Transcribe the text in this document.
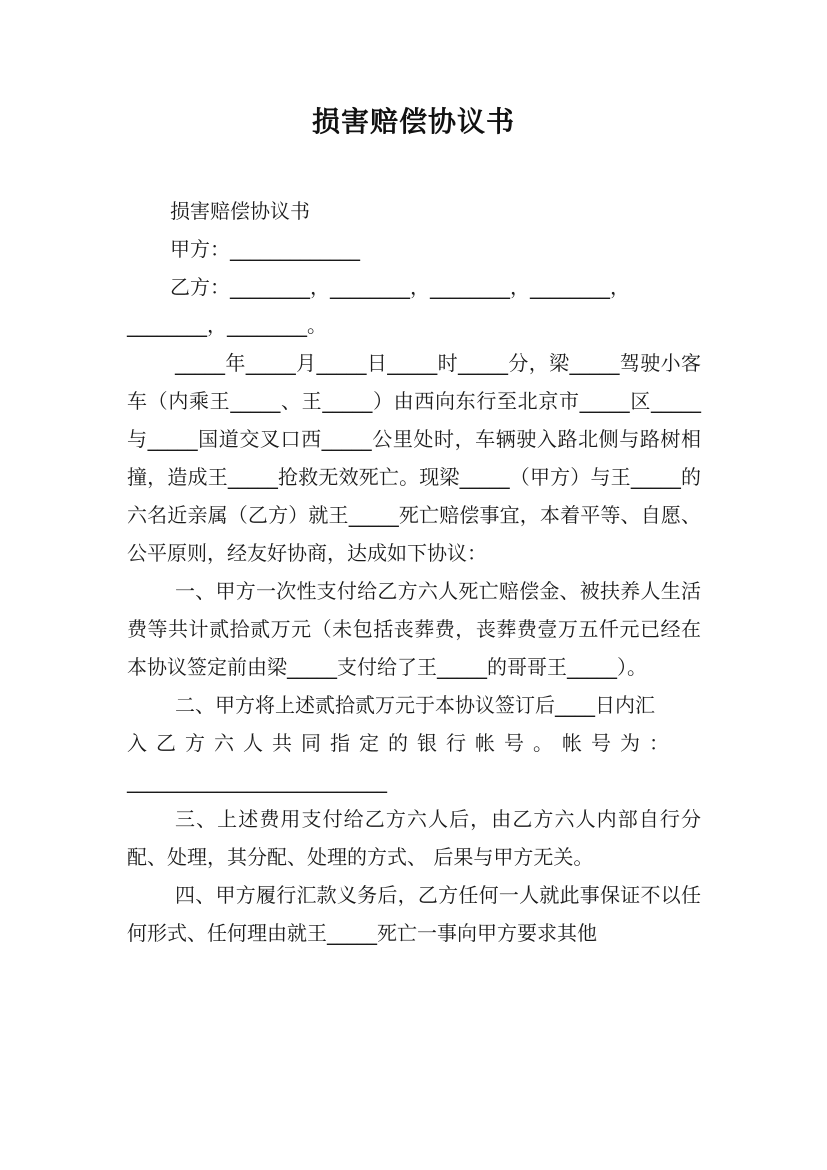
损害赔偿协议书

损害赔偿协议书

甲方：_____________

乙方：________，________，________，________，

________，________。

_____年_____月_____日_____时_____分，梁_____驾驶小客车（内乘王_____、王_____）由西向东行至北京市_____区_____与_____国道交叉口西_____公里处时，车辆驶入路北侧与路树相撞，造成王_____抢救无效死亡。现梁_____（甲方）与王_____的六名近亲属（乙方）就王_____死亡赔偿事宜，本着平等、自愿、公平原则，经友好协商，达成如下协议：

一、甲方一次性支付给乙方六人死亡赔偿金、被扶养人生活费等共计贰拾贰万元（未包括丧葬费，丧葬费壹万五仟元已经在本协议签定前由梁_____支付给了王_____的哥哥王_____）。

二、甲方将上述贰拾贰万元于本协议签订后____日内汇

入乙方六人共同指定的银行帐号。帐号为：

__________________________

三、上述费用支付给乙方六人后，由乙方六人内部自行分配、处理，其分配、处理的方式、 后果与甲方无关。

四、甲方履行汇款义务后，乙方任何一人就此事保证不以任何形式、任何理由就王_____死亡一事向甲方要求其他
